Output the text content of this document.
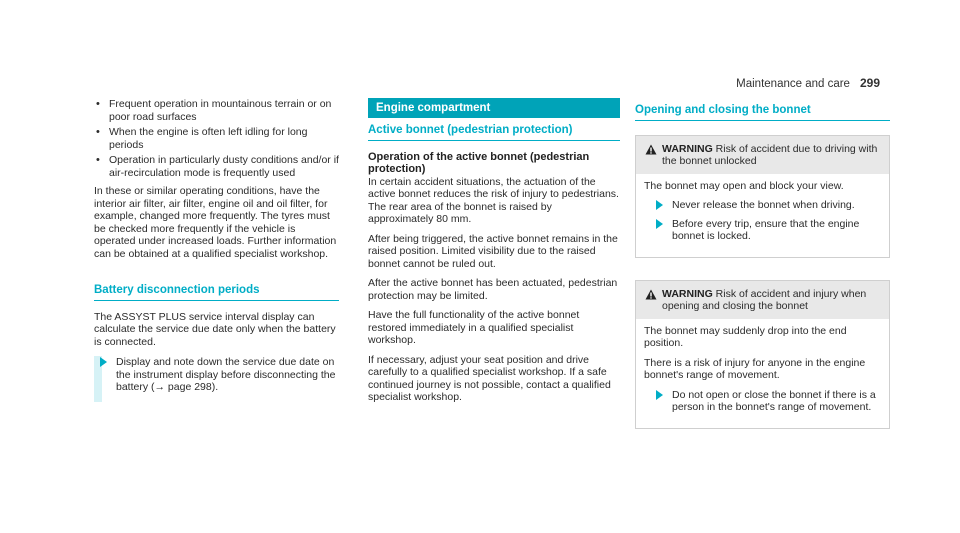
Maintenance and care 299
• Frequent operation in mountainous terrain or on poor road surfaces
• When the engine is often left idling for long periods
• Operation in particularly dusty conditions and/or if air-recirculation mode is frequently used

In these or similar operating conditions, have the interior air filter, air filter, engine oil and oil filter, for example, changed more frequently. The tyres must be checked more frequently if the vehicle is operated under increased loads. Further information can be obtained at a qualified specialist workshop.

Battery disconnection periods

The ASSYST PLUS service interval display can calculate the service due date only when the battery is connected.

Display and note down the service due date on the instrument display before disconnecting the battery (→ page 298).
Engine compartment
Active bonnet (pedestrian protection)
Operation of the active bonnet (pedestrian protection)

In certain accident situations, the actuation of the active bonnet reduces the risk of injury to pedestrians. The rear area of the bonnet is raised by approximately 80 mm.

After being triggered, the active bonnet remains in the raised position. Limited visibility due to the raised bonnet cannot be ruled out.

After the active bonnet has been actuated, pedestrian protection may be limited.

Have the full functionality of the active bonnet restored immediately in a qualified specialist workshop.

If necessary, adjust your seat position and drive carefully to a qualified specialist workshop. If a safe continued journey is not possible, contact a qualified specialist workshop.

Opening and closing the bonnet
WARNING Risk of accident due to driving with the bonnet unlocked

The bonnet may open and block your view.

Never release the bonnet when driving.
Before every trip, ensure that the engine bonnet is locked.
WARNING Risk of accident and injury when opening and closing the bonnet

The bonnet may suddenly drop into the end position.

There is a risk of injury for anyone in the engine bonnet's range of movement.

Do not open or close the bonnet if there is a person in the bonnet's range of movement.
